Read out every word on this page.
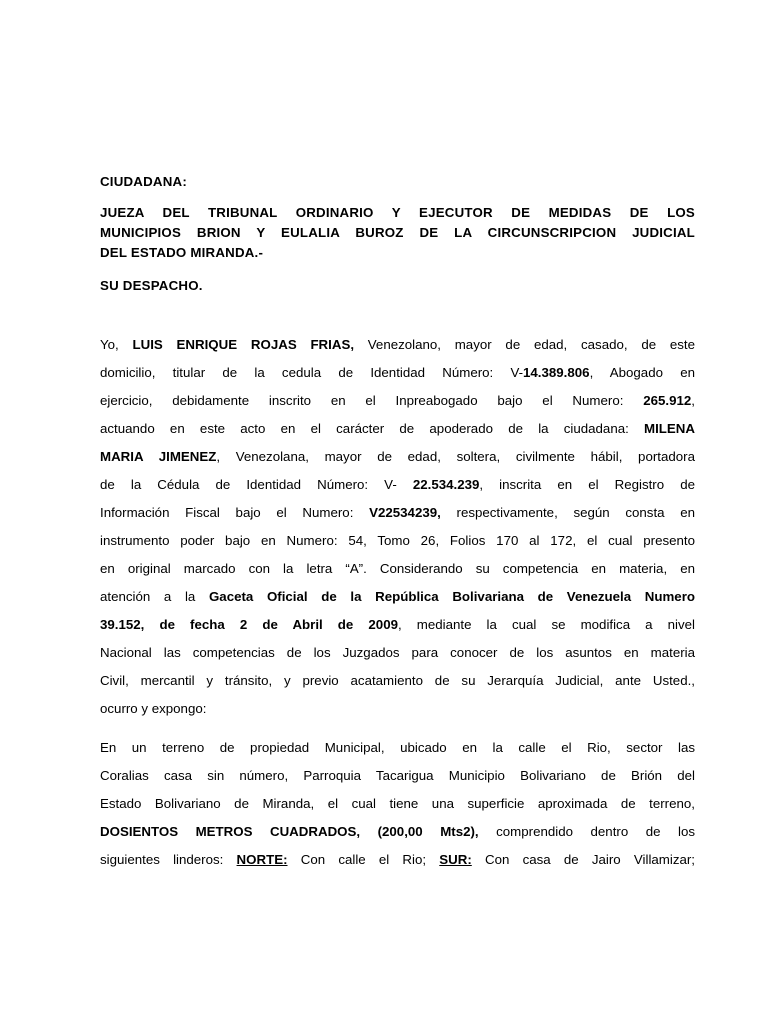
CIUDADANA:
JUEZA DEL TRIBUNAL ORDINARIO Y EJECUTOR DE MEDIDAS DE LOS
MUNICIPIOS BRION Y EULALIA BUROZ DE LA CIRCUNSCRIPCION JUDICIAL
DEL ESTADO MIRANDA.-
SU DESPACHO.
Yo, LUIS ENRIQUE ROJAS FRIAS, Venezolano, mayor de edad, casado, de este
domicilio, titular de la cedula de Identidad Número: V-14.389.806, Abogado en
ejercicio, debidamente inscrito en el Inpreabogado bajo el Numero: 265.912,
actuando en este acto en el carácter de apoderado de la ciudadana: MILENA
MARIA JIMENEZ, Venezolana, mayor de edad, soltera, civilmente hábil, portadora
de la Cédula de Identidad Número: V- 22.534.239, inscrita en el Registro de
Información Fiscal bajo el Numero: V22534239, respectivamente, según consta en
instrumento poder bajo en Numero: 54, Tomo 26, Folios 170 al 172, el cual presento
en original marcado con la letra “A”. Considerando su competencia en materia, en
atención a la Gaceta Oficial de la República Bolivariana de Venezuela Numero
39.152, de fecha 2 de Abril de 2009, mediante la cual se modifica a nivel
Nacional las competencias de los Juzgados para conocer de los asuntos en materia
Civil, mercantil y tránsito, y previo acatamiento de su Jerarquía Judicial, ante Usted.,
ocurro y expongo:
En un terreno de propiedad Municipal, ubicado en la calle el Rio, sector las
Coralias casa sin número, Parroquia Tacarigua Municipio Bolivariano de Brión del
Estado Bolivariano de Miranda, el cual tiene una superficie aproximada de terreno,
DOSIENTOS METROS CUADRADOS, (200,00 Mts2), comprendido dentro de los
siguientes linderos: NORTE: Con calle el Rio; SUR: Con casa de Jairo Villamizar;
